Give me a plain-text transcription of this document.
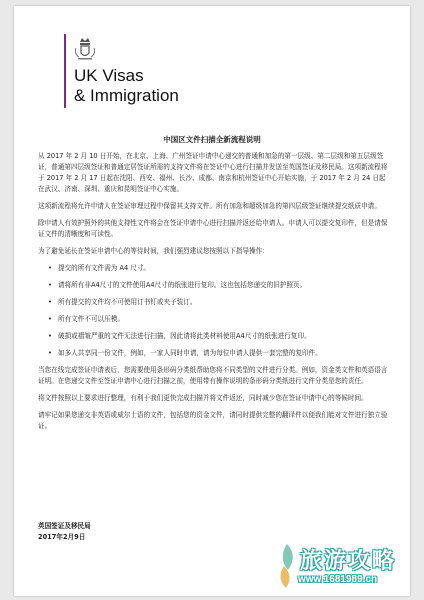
UK Visas
& Immigration
中国区文件扫描全新流程说明

从 2017 年 2 月 10 日开始，在北京、上海、广州签证申请中心递交的普通和加急的第一层级、第二层级和第五层级签证，普通第四层级签证和普通定居签证所需的支持文件将在签证中心进行扫描并发送至英国签证及移民局。这项新流程将于 2017 年 2 月 17 日起在沈阳、西安、福州、长沙、成都、南京和杭州签证中心开始实施，于 2017 年 2 月 24 日起在武汉、济南、深圳、重庆和昆明签证中心实施。

这项新流程将允许申请人在签证审理过程中保留其支持文件。所有加急和超级加急的第四层级签证继续提交纸质申请。

除申请人有效护照外的其他支持性文件将会在签证申请中心进行扫描并返还给申请人。申请人可以提交复印件，但是请保证文件的清晰度和可读性。

为了避免延长在签证申请中心的等待时间，我们强烈建议您按照以下指导操作：

• 提交的所有文件需为 A4 尺寸。
• 请将所有非A4尺寸的文件使用A4尺寸的纸张进行复印。这也包括您递交的旧护照页。
• 所有提交的文件均不可使用订书钉或夹子装订。
• 所有文件不可以压模。
• 破损或褶皱严重的文件无法进行扫描，因此请将此类材料使用A4尺寸的纸张进行复印。
• 如多人共享同一份文件，例如，一家人同时申请，请为每位申请人提供一套完整的复印件。

当您在线完成签证申请表后，您需要使用条形码分类纸帮助您将不同类型的文件进行分类。例如，资金类文件和英语语言证明。在您递交文件至签证申请中心进行扫描之前，使用带有操作说明的条形码分类纸进行文件分类是您的责任。

将文件按照以上要求进行整理，有利于我们更快完成扫描并将文件返还，同时减少您在签证申请中心的等候时间。

请牢记如果您递交非英语或威尔士语的文件，包括您的资金文件，请同时提供完整的翻译件以便我们能对文件进行独立验证。

英国签证及移民局
2017年2月9日
旅游攻略
www.1681989.cn
